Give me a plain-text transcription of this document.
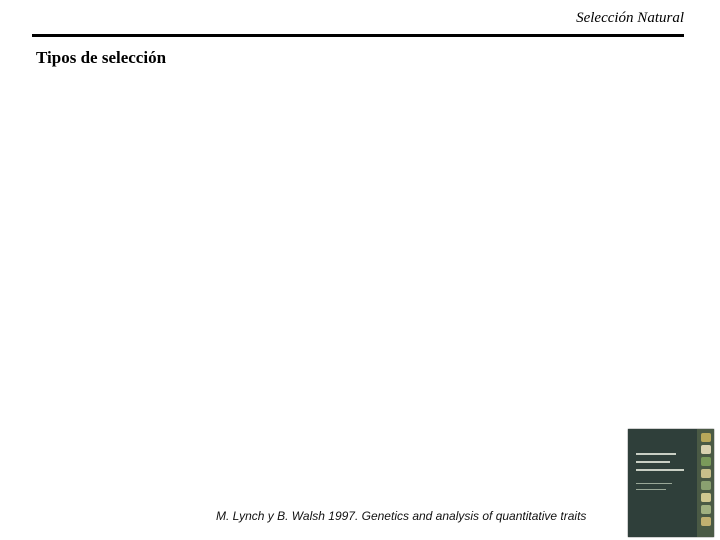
Selección Natural
Tipos de selección
M. Lynch y B. Walsh 1997. Genetics and analysis of quantitative traits
